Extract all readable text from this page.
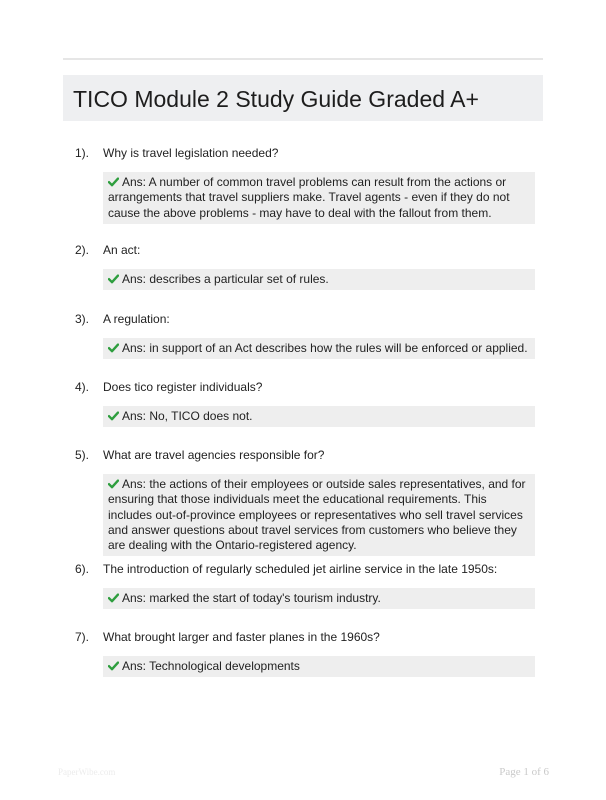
TICO Module 2 Study Guide Graded A+
1). Why is travel legislation needed?
Ans: A number of common travel problems can result from the actions or arrangements that travel suppliers make. Travel agents - even if they do not cause the above problems - may have to deal with the fallout from them.
2). An act:
Ans: describes a particular set of rules.
3). A regulation:
Ans: in support of an Act describes how the rules will be enforced or applied.
4). Does tico register individuals?
Ans: No, TICO does not.
5). What are travel agencies responsible for?
Ans: the actions of their employees or outside sales representatives, and for ensuring that those individuals meet the educational requirements. This includes out-of-province employees or representatives who sell travel services and answer questions about travel services from customers who believe they are dealing with the Ontario-registered agency.
6). The introduction of regularly scheduled jet airline service in the late 1950s:
Ans: marked the start of today's tourism industry.
7). What brought larger and faster planes in the 1960s?
Ans: Technological developments
PaperWibe.com	Page 1 of 6
